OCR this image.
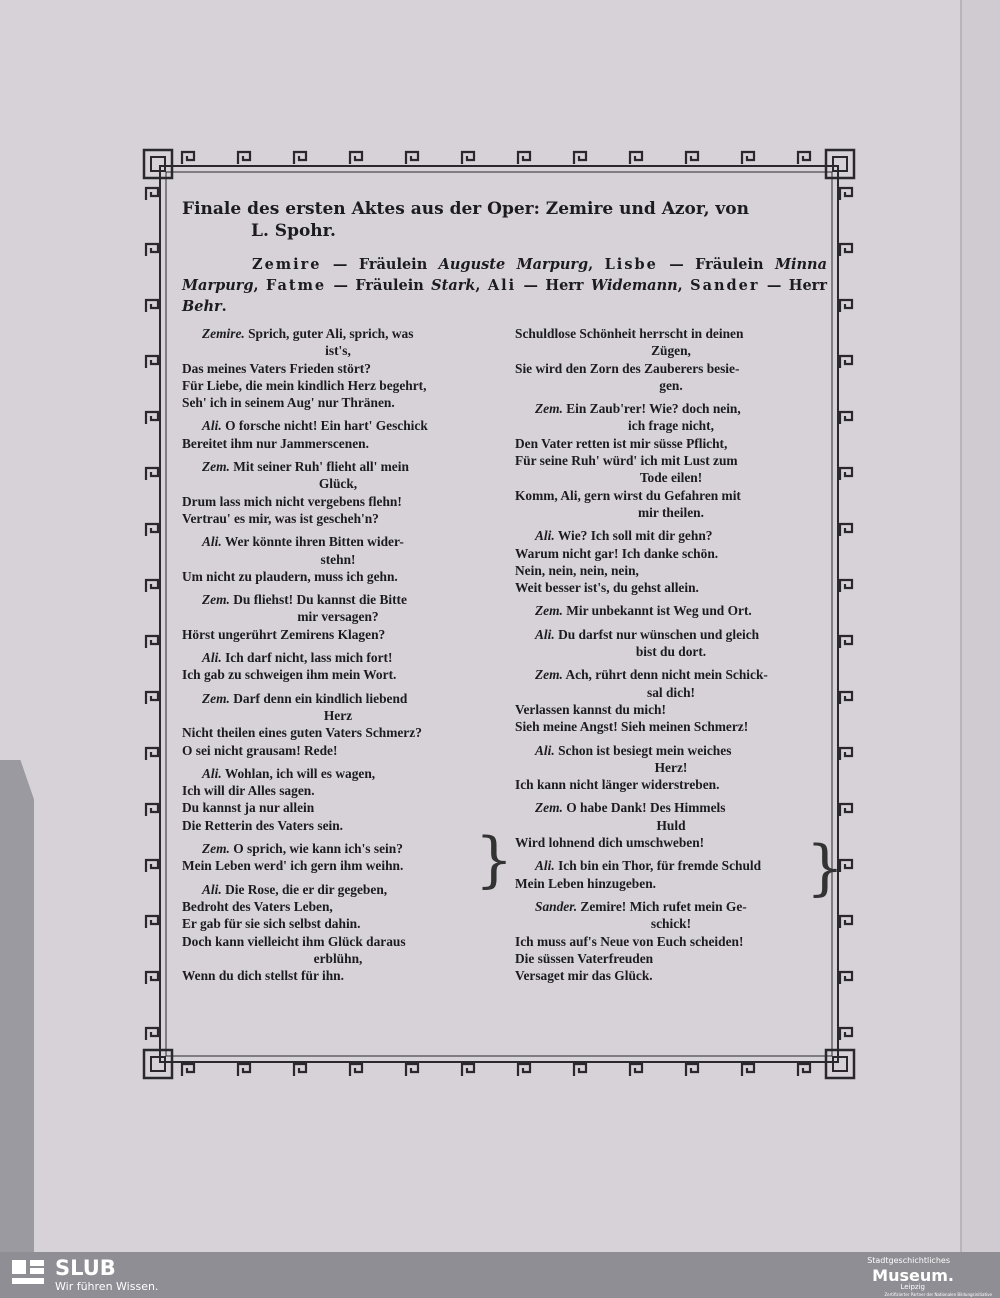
Finale des ersten Aktes aus der Oper: Zemire und Azor, von
L. Spohr.
Zemire — Fräulein Auguste Marpurg, Lisbe — Fräulein Minna Marpurg, Fatme — Fräulein Stark, Ali — Herr Widemann, Sander — Herr Behr.

Zemire. Sprich, guter Ali, sprich, was

ist's,

Das meines Vaters Frieden stört?

Für Liebe, die mein kindlich Herz begehrt,

Seh' ich in seinem Aug' nur Thränen.

Ali. O forsche nicht! Ein hart' Geschick

Bereitet ihm nur Jammerscenen.

Zem. Mit seiner Ruh' flieht all' mein

Glück,

Drum lass mich nicht vergebens flehn!

Vertrau' es mir, was ist gescheh'n?

Ali. Wer könnte ihren Bitten wider-

stehn!

Um nicht zu plaudern, muss ich gehn.

Zem. Du fliehst! Du kannst die Bitte

mir versagen?

Hörst ungerührt Zemirens Klagen?

Ali. Ich darf nicht, lass mich fort!

Ich gab zu schweigen ihm mein Wort.

Zem. Darf denn ein kindlich liebend

Herz

Nicht theilen eines guten Vaters Schmerz?

O sei nicht grausam! Rede!

Ali. Wohlan, ich will es wagen,

Ich will dir Alles sagen.

Du kannst ja nur allein

Die Retterin des Vaters sein.

Zem. O sprich, wie kann ich's sein?

Mein Leben werd' ich gern ihm weihn.

Ali. Die Rose, die er dir gegeben,

Bedroht des Vaters Leben,

Er gab für sie sich selbst dahin.

Doch kann vielleicht ihm Glück daraus

erblühn,

Wenn du dich stellst für ihn.

Schuldlose Schönheit herrscht in deinen

Zügen,

Sie wird den Zorn des Zauberers besie-

gen.

Zem. Ein Zaub'rer! Wie? doch nein,

ich frage nicht,

Den Vater retten ist mir süsse Pflicht,

Für seine Ruh' würd' ich mit Lust zum

Tode eilen!

Komm, Ali, gern wirst du Gefahren mit

mir theilen.

Ali. Wie? Ich soll mit dir gehn?

Warum nicht gar! Ich danke schön.

Nein, nein, nein, nein,

Weit besser ist's, du gehst allein.

Zem. Mir unbekannt ist Weg und Ort.

Ali. Du darfst nur wünschen und gleich

bist du dort.

Zem. Ach, rührt denn nicht mein Schick-

sal dich!

Verlassen kannst du mich!

Sieh meine Angst! Sieh meinen Schmerz!

Ali. Schon ist besiegt mein weiches

Herz!

Ich kann nicht länger widerstreben.

Zem. O habe Dank! Des Himmels

Huld

Wird lohnend dich umschweben!

Ali. Ich bin ein Thor, für fremde Schuld

Mein Leben hinzugeben.

Sander. Zemire! Mich rufet mein Ge-

schick!

Ich muss auf's Neue von Euch scheiden!

Die süssen Vaterfreuden

Versaget mir das Glück.

}	}
SLUB
Wir führen Wissen.
Stadtgeschichtliches
Museum.
Leipzig
Zertifizierter Partner der Nationalen Bildungsinitiative
